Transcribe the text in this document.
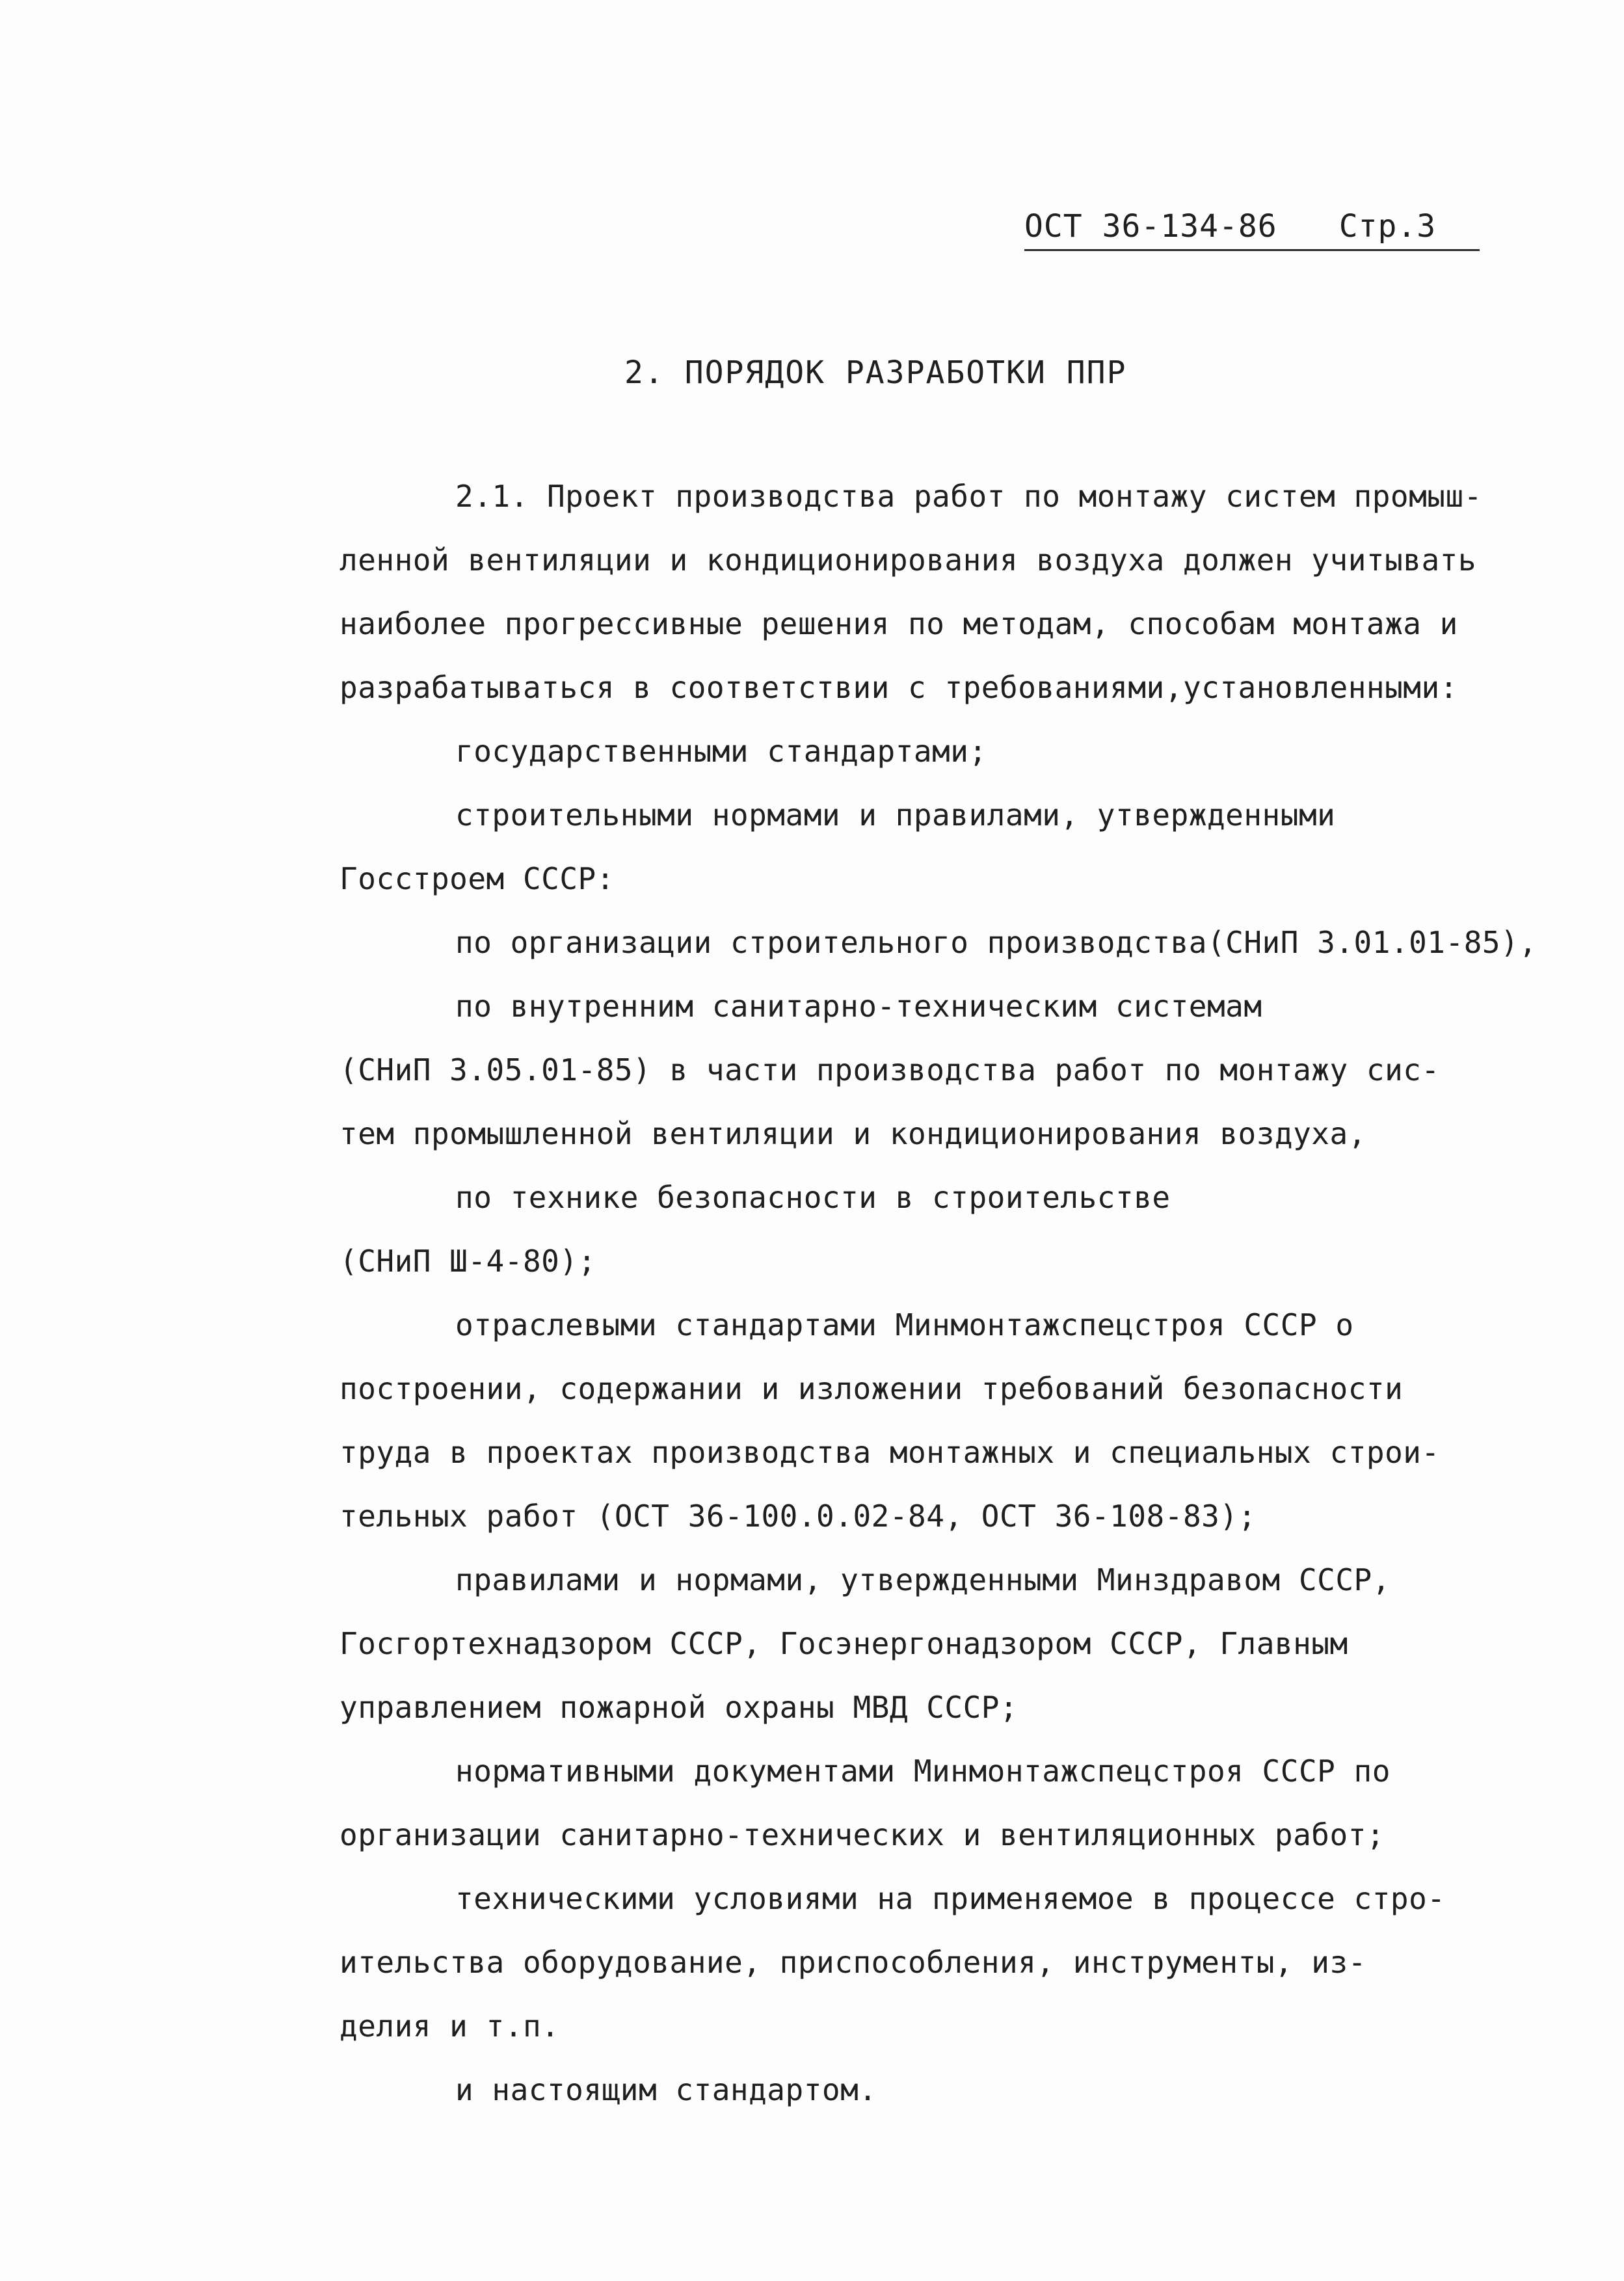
ОСТ 36-134-86 Стр.3
2. ПОРЯДОК РАЗРАБОТКИ ППР
2.1. Проект производства работ по монтажу систем промыш-
ленной вентиляции и кондиционирования воздуха должен учитывать
наиболее прогрессивные решения по методам, способам монтажа и
разрабатываться в соответствии с требованиями,установленными:
государственными стандартами;
строительными нормами и правилами, утвержденными
Госстроем СССР:
по организации строительного производства(СНиП 3.01.01-85),
по внутренним санитарно-техническим системам
(СНиП 3.05.01-85) в части производства работ по монтажу сис-
тем промышленной вентиляции и кондиционирования воздуха,
по технике безопасности в строительстве
(СНиП Ш-4-80);
отраслевыми стандартами Минмонтажспецстроя СССР о
построении, содержании и изложении требований безопасности
труда в проектах производства монтажных и специальных строи-
тельных работ (ОСТ 36-100.0.02-84, ОСТ 36-108-83);
правилами и нормами, утвержденными Минздравом СССР,
Госгортехнадзором СССР, Госэнергонадзором СССР, Главным
управлением пожарной охраны МВД СССР;
нормативными документами Минмонтажспецстроя СССР по
организации санитарно-технических и вентиляционных работ;
техническими условиями на применяемое в процессе стро-
ительства оборудование, приспособления, инструменты, из-
делия и т.п.
и настоящим стандартом.
